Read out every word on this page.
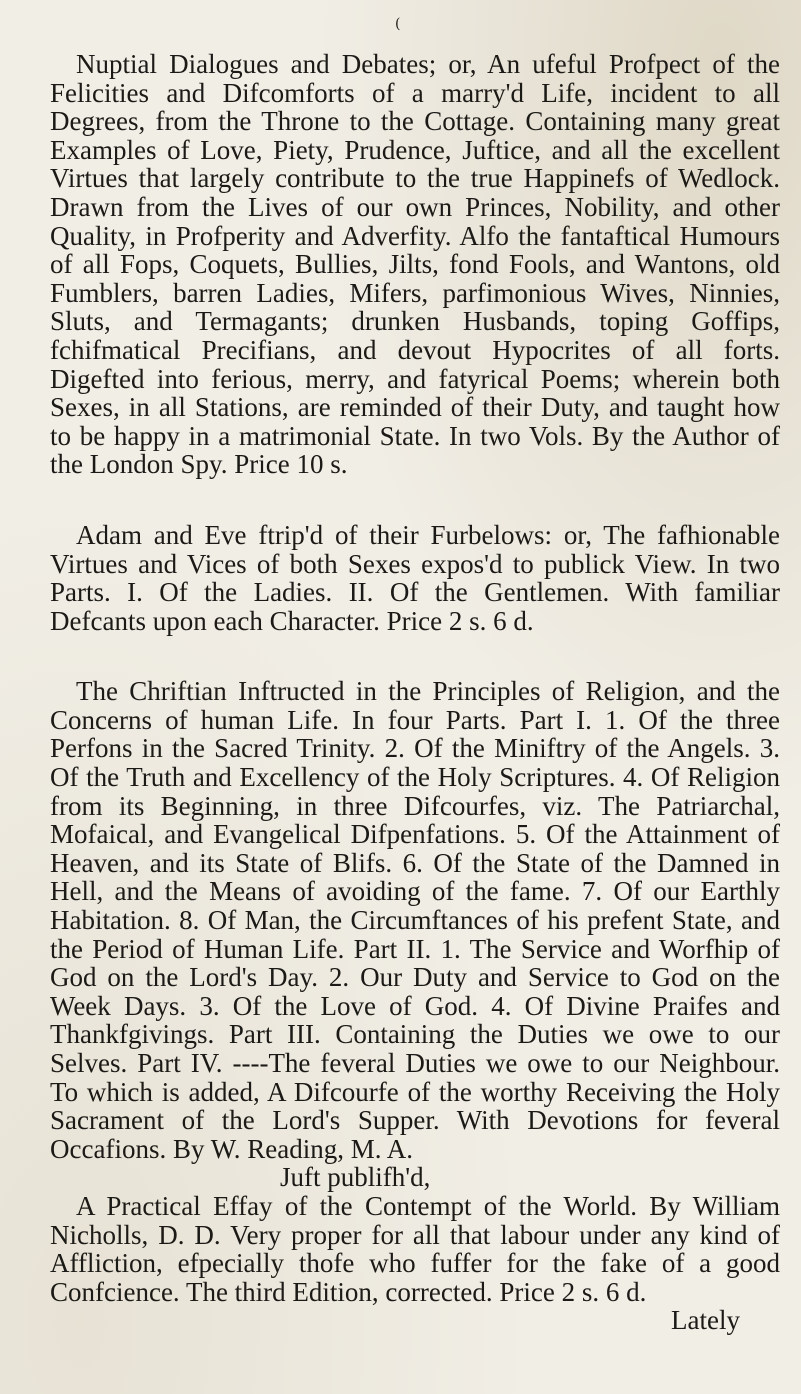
(

Nuptial Dialogues and Debates; or, An ufeful Profpect of the Felicities and Difcomforts of a marry'd Life, incident to all Degrees, from the Throne to the Cottage. Containing many great Examples of Love, Piety, Prudence, Juftice, and all the excellent Virtues that largely contribute to the true Happinefs of Wedlock. Drawn from the Lives of our own Princes, Nobility, and other Quality, in Profperity and Adverfity. Alfo the fantaftical Humours of all Fops, Coquets, Bullies, Jilts, fond Fools, and Wantons, old Fumblers, barren Ladies, Mifers, parfimonious Wives, Ninnies, Sluts, and Termagants; drunken Husbands, toping Goffips, fchifmatical Precifians, and devout Hypocrites of all forts. Digefted into ferious, merry, and fatyrical Poems; wherein both Sexes, in all Stations, are reminded of their Duty, and taught how to be happy in a matrimonial State. In two Vols. By the Author of the London Spy. Price 10 s.

Adam and Eve ftrip'd of their Furbelows: or, The fafhionable Virtues and Vices of both Sexes expos'd to publick View. In two Parts. I. Of the Ladies. II. Of the Gentlemen. With familiar Defcants upon each Character. Price 2 s. 6 d.

The Chriftian Inftructed in the Principles of Religion, and the Concerns of human Life. In four Parts. Part I. 1. Of the three Perfons in the Sacred Trinity. 2. Of the Miniftry of the Angels. 3. Of the Truth and Excellency of the Holy Scriptures. 4. Of Religion from its Beginning, in three Difcourfes, viz. The Patriarchal, Mofaical, and Evangelical Difpenfations. 5. Of the Attainment of Heaven, and its State of Blifs. 6. Of the State of the Damned in Hell, and the Means of avoiding of the fame. 7. Of our Earthly Habitation. 8. Of Man, the Circumftances of his prefent State, and the Period of Human Life. Part II. 1. The Service and Worfhip of God on the Lord's Day. 2. Our Duty and Service to God on the Week Days. 3. Of the Love of God. 4. Of Divine Praifes and Thankfgivings. Part III. Containing the Duties we owe to our Selves. Part IV. ----The feveral Duties we owe to our Neighbour. To which is added, A Difcourfe of the worthy Receiving the Holy Sacrament of the Lord's Supper. With Devotions for feveral Occafions. By W. Reading, M. A.

Juft publifh'd,

A Practical Effay of the Contempt of the World. By William Nicholls, D. D. Very proper for all that labour under any kind of Affliction, efpecially thofe who fuffer for the fake of a good Confcience. The third Edition, corrected. Price 2 s. 6 d.

Lately
